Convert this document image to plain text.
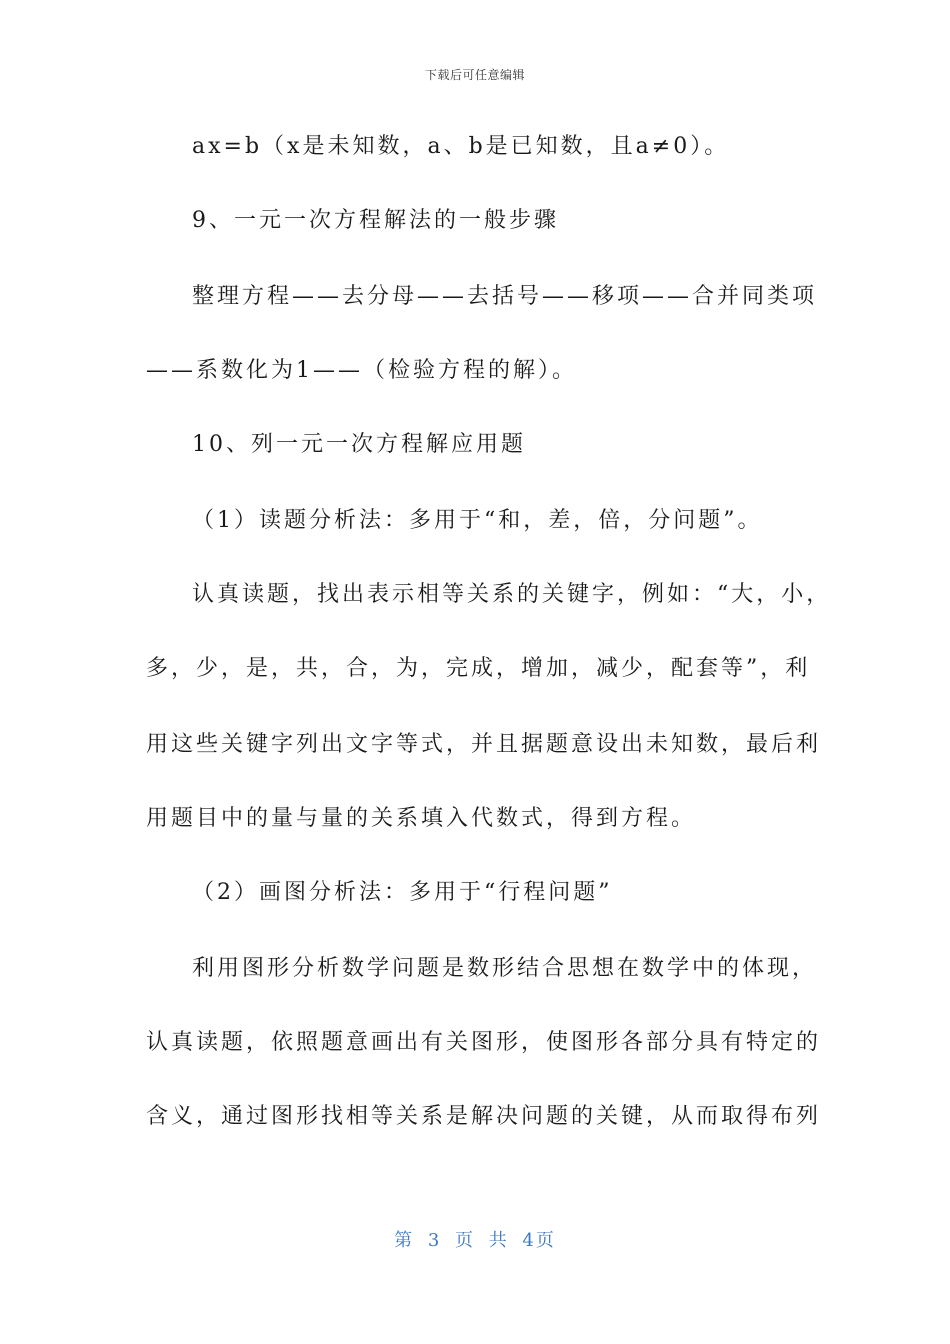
下载后可任意编辑
ax=b（x是未知数，a、b是已知数，且a≠0）。
9、一元一次方程解法的一般步骤
整理方程——去分母——去括号——移项——合并同类项
——系数化为1——（检验方程的解）。
10、列一元一次方程解应用题
（1）读题分析法：多用于“和，差，倍，分问题”。
认真读题，找出表示相等关系的关键字，例如：“大，小，
多，少，是，共，合，为，完成，增加，减少，配套等”，利
用这些关键字列出文字等式，并且据题意设出未知数，最后利
用题目中的量与量的关系填入代数式，得到方程。
（2）画图分析法：多用于“行程问题”
利用图形分析数学问题是数形结合思想在数学中的体现，
认真读题，依照题意画出有关图形，使图形各部分具有特定的
含义，通过图形找相等关系是解决问题的关键，从而取得布列
第 3 页 共 4页
